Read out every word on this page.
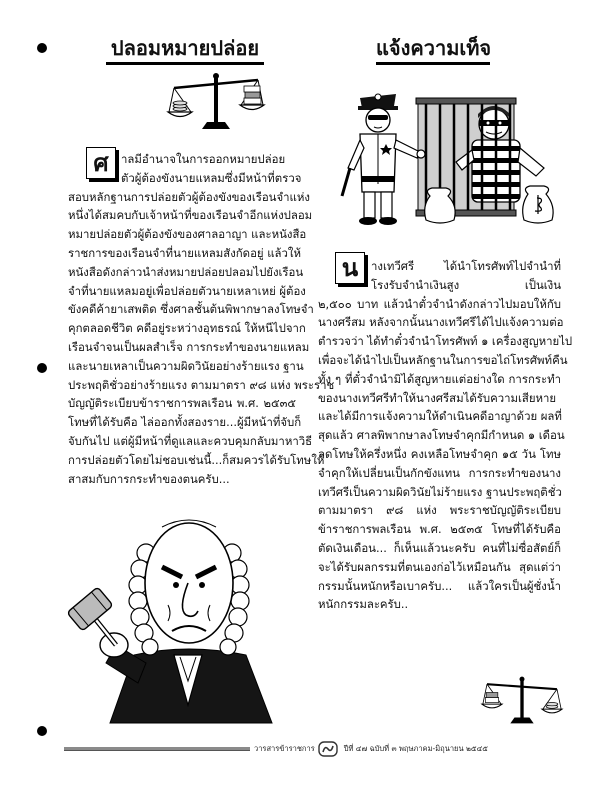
ปลอมหมายปล่อย	แจ้งความเท็จ
ศ
น
าลมีอำนาจในการออกหมายปล่อย
ตัวผู้ต้องขังนายแหลมซึ่งมีหน้าที่ตรวจ
สอบหลักฐานการปล่อยตัวผู้ต้องขังของเรือนจำแห่ง
หนึ่งได้สมคบกับเจ้าหน้าที่ของเรือนจำอีกแห่งปลอม
หมายปล่อยตัวผู้ต้องขังของศาลอาญา และหนังสือ
ราชการของเรือนจำที่นายแหลมสังกัดอยู่ แล้วให้
หนังสือดังกล่าวนำส่งหมายปล่อยปลอมไปยังเรือน
จำที่นายแหลมอยู่เพื่อปล่อยตัวนายเหลาเหย่ ผู้ต้อง
ขังคดีค้ายาเสพติด ซึ่งศาลชั้นต้นพิพากษาลงโทษจำ
คุกตลอดชีวิต คดีอยู่ระหว่างอุทธรณ์ ให้หนีไปจาก
เรือนจำจนเป็นผลสำเร็จ การกระทำของนายแหลม
และนายเหลาเป็นความผิดวินัยอย่างร้ายแรง ฐาน
ประพฤติชั่วอย่างร้ายแรง ตามมาตรา ๙๘ แห่ง พระราช
บัญญัติระเบียบข้าราชการพลเรือน พ.ศ. ๒๕๓๕
โทษที่ได้รับคือ ไล่ออกทั้งสองราย...ผู้มีหน้าที่จับก็
จับกันไป แต่ผู้มีหน้าที่ดูแลและควบคุมกลับมาหาวิธี
การปล่อยตัวโดยไม่ชอบเช่นนี้...ก็สมควรได้รับโทษให้
สาสมกับการกระทำของตนครับ...
างเทวีศรี ได้นำโทรศัพท์ไปจำนำที่
โรงรับจำนำเงินสูง เป็นเงิน
๒,๕๐๐ บาท แล้วนำตั๋วจำนำดังกล่าวไปมอบให้กับ
นางศรีสม หลังจากนั้นนางเทวีศรีได้ไปแจ้งความต่อ
ตำรวจว่า ได้ทำตั๋วจำนำโทรศัพท์ ๑ เครื่องสูญหายไป
เพื่อจะได้นำไปเป็นหลักฐานในการขอไถ่โทรศัพท์คืน
ทั้ง ๆ ที่ตั๋วจำนำมิได้สูญหายแต่อย่างใด การกระทำ
ของนางเทวีศรีทำให้นางศรีสมได้รับความเสียหาย
และได้มีการแจ้งความให้ดำเนินคดีอาญาด้วย ผลที่
สุดแล้ว ศาลพิพากษาลงโทษจำคุกมีกำหนด ๑ เดือน
ลดโทษให้ครึ่งหนึ่ง คงเหลือโทษจำคุก ๑๕ วัน โทษ
จำคุกให้เปลี่ยนเป็นกักขังแทน การกระทำของนาง
เทวีศรีเป็นความผิดวินัยไม่ร้ายแรง ฐานประพฤติชั่ว
ตามมาตรา ๙๘ แห่ง พระราชบัญญัติระเบียบ
ข้าราชการพลเรือน พ.ศ. ๒๕๓๕ โทษที่ได้รับคือ
ตัดเงินเดือน... ก็เห็นแล้วนะครับ คนที่ไม่ซื่อสัตย์ก็
จะได้รับผลกรรมที่ตนเองก่อไว้เหมือนกัน สุดแต่ว่า
กรรมนั้นหนักหรือเบาครับ... แล้วใครเป็นผู้ชั่งน้ำ
หนักกรรมละครับ..
วารสารข้าราชการ	ปีที่ ๔๗ ฉบับที่ ๓ พฤษภาคม-มิถุนายน ๒๕๔๕
